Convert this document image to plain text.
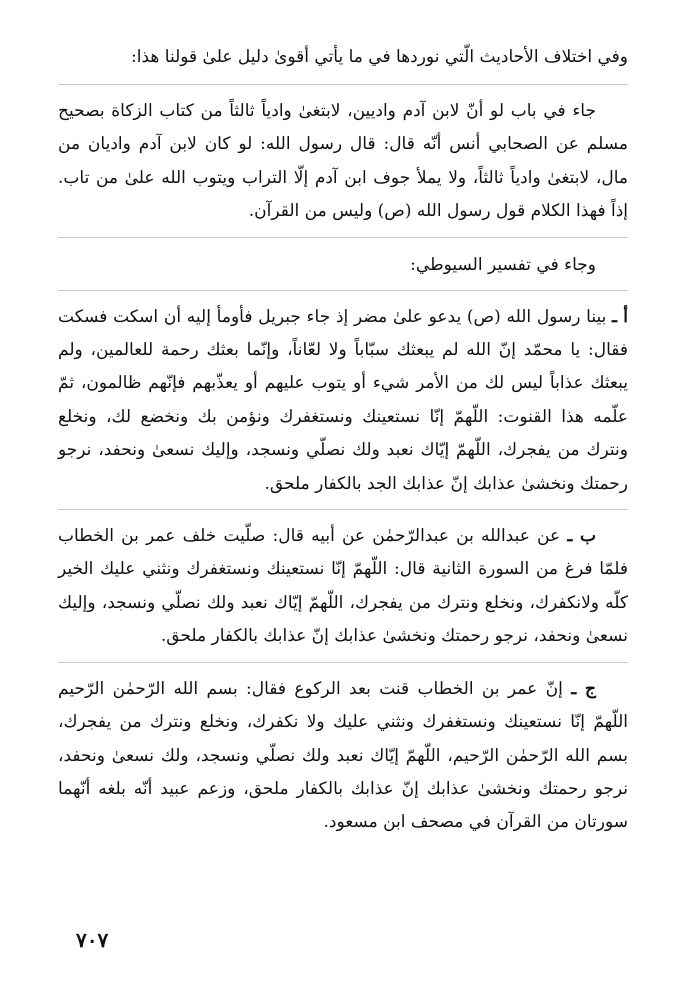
وفي اختلاف الأحاديث الّتي نوردها في ما يأتي أقوىٰ دليل علىٰ قولنا هذا:

جاء في باب لو أنّ لابن آدم واديين، لابتغىٰ وادياً ثالثاً من كتاب الزكاة بصحيح مسلم عن الصحابي أنس أنّه قال: قال رسول الله: لو كان لابن آدم واديان من مال، لابتغىٰ وادياً ثالثاً، ولا يملأ جوف ابن آدم إلّا التراب ويتوب الله علىٰ من تاب. إذاً فهذا الكلام قول رسول الله (ص) وليس من القرآن.

وجاء في تفسير السيوطي:

أ ـ بينا رسول الله (ص) يدعو علىٰ مضر إذ جاء جبريل فأومأ إليه أن اسكت فسكت فقال: يا محمّد إنّ الله لم يبعثك سبّاباً ولا لعّاناً، وإنّما بعثك رحمة للعالمين، ولم يبعثك عذاباً ليس لك من الأمر شيء أو يتوب عليهم أو يعذّبهم فإنّهم ظالمون، ثمّ علّمه هذا القنوت: اللّهمّ إنّا نستعينك ونستغفرك ونؤمن بك ونخضع لك، ونخلع ونترك من يفجرك، اللّهمّ إيّاك نعبد ولك نصلّي ونسجد، وإليك نسعىٰ ونحفد، نرجو رحمتك ونخشىٰ عذابك إنّ عذابك الجد بالكفار ملحق.

ب ـ عن عبدالله بن عبدالرّحمٰن عن أبيه قال: صلّيت خلف عمر بن الخطاب فلمّا فرغ من السورة الثانية قال: اللّهمّ إنّا نستعينك ونستغفرك ونثني عليك الخير كلّه ولانكفرك، ونخلع ونترك من يفجرك، اللّهمّ إيّاك نعبد ولك نصلّي ونسجد، وإليك نسعىٰ ونحفد، نرجو رحمتك ونخشىٰ عذابك إنّ عذابك بالكفار ملحق.

ج ـ إنّ عمر بن الخطاب قنت بعد الركوع فقال: بسم الله الرّحمٰن الرّحيم اللّهمّ إنّا نستعينك ونستغفرك ونثني عليك ولا نكفرك، ونخلع ونترك من يفجرك، بسم الله الرّحمٰن الرّحيم، اللّهمّ إيّاك نعبد ولك نصلّي ونسجد، ولك نسعىٰ ونحفد، نرجو رحمتك ونخشىٰ عذابك إنّ عذابك بالكفار ملحق، وزعم عبيد أنّه بلغه أنّهما سورتان من القرآن في مصحف ابن مسعود.

٧٠٧
